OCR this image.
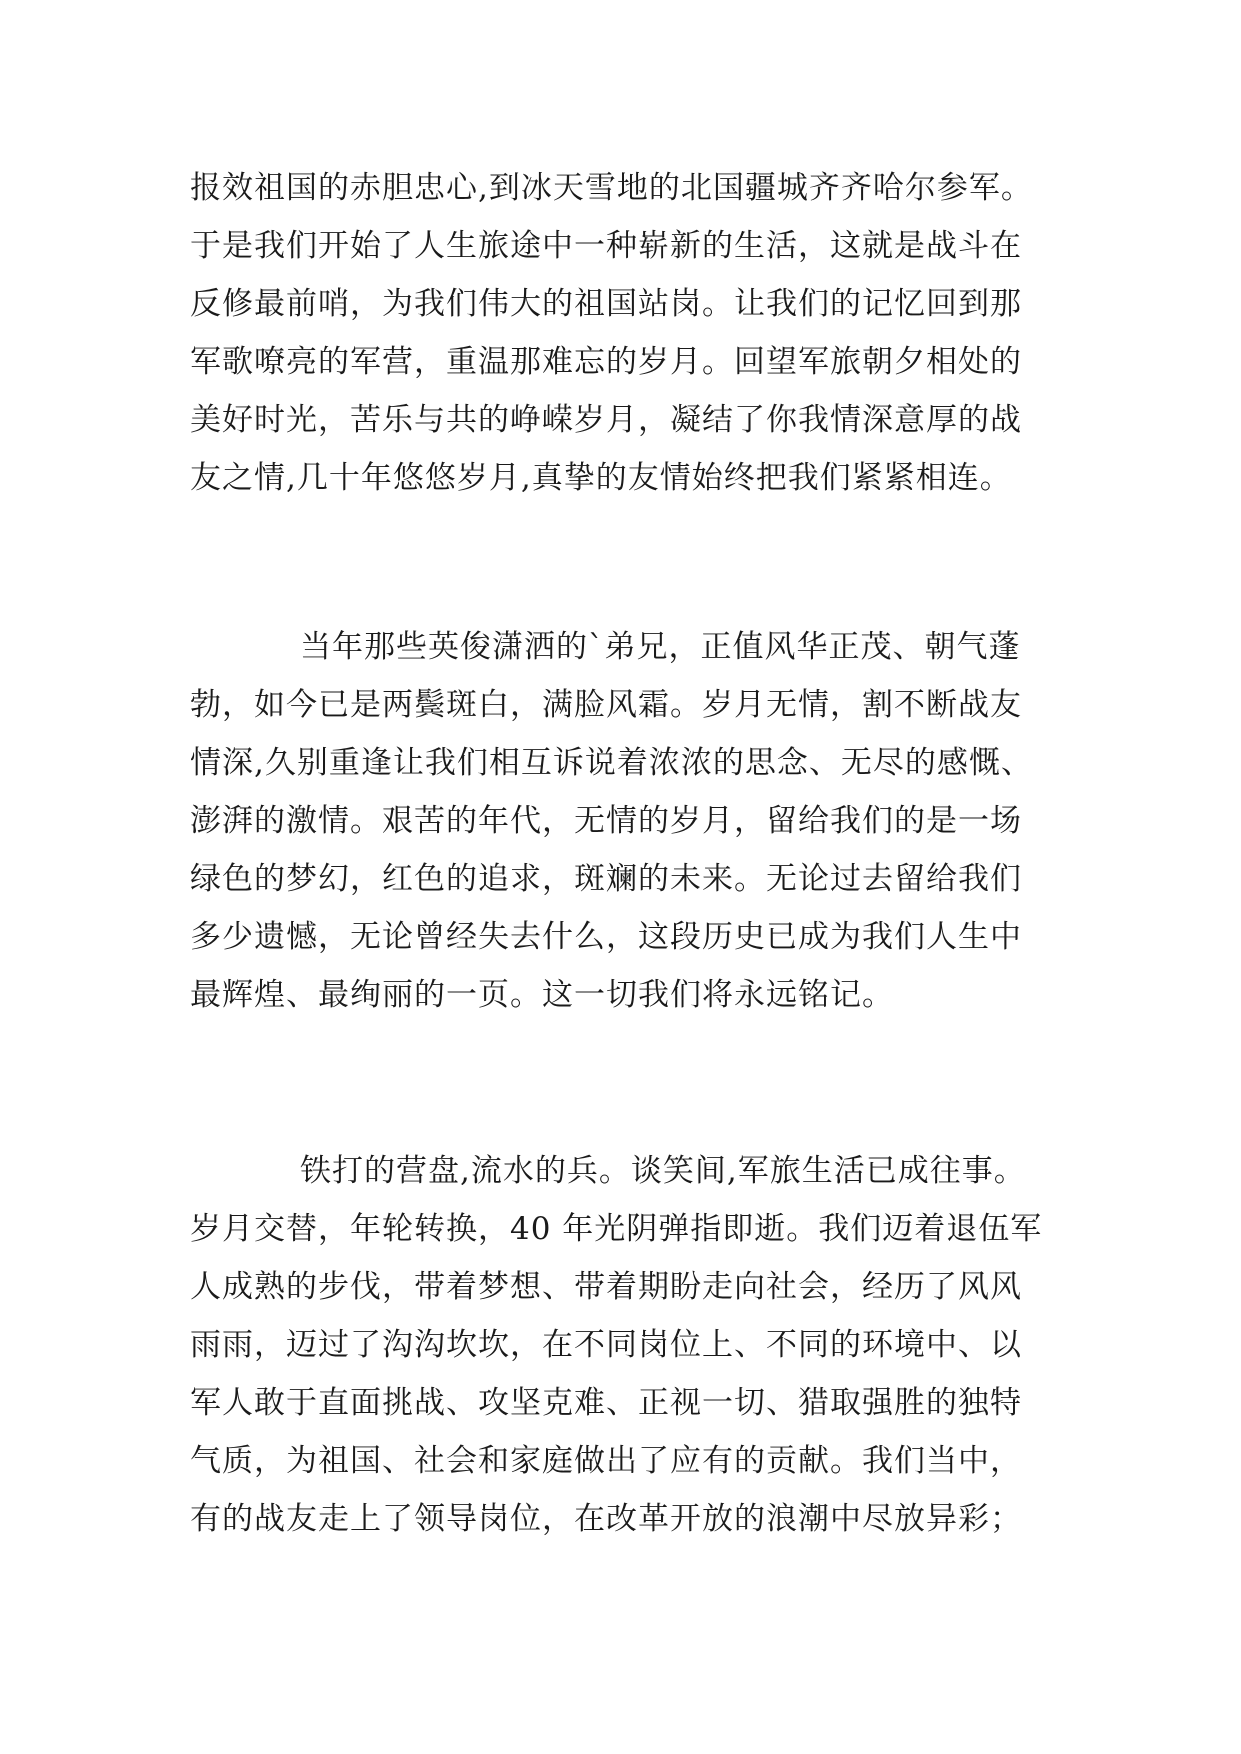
报效祖国的赤胆忠心,到冰天雪地的北国疆城齐齐哈尔参军。
于是我们开始了人生旅途中一种崭新的生活，这就是战斗在
反修最前哨，为我们伟大的祖国站岗。让我们的记忆回到那
军歌嘹亮的军营，重温那难忘的岁月。回望军旅朝夕相处的
美好时光，苦乐与共的峥嵘岁月，凝结了你我情深意厚的战
友之情,几十年悠悠岁月,真挚的友情始终把我们紧紧相连。
当年那些英俊潇洒的`弟兄，正值风华正茂、朝气蓬
勃，如今已是两鬓斑白，满脸风霜。岁月无情，割不断战友
情深,久别重逢让我们相互诉说着浓浓的思念、无尽的感慨、
澎湃的激情。艰苦的年代，无情的岁月，留给我们的是一场
绿色的梦幻，红色的追求，斑斓的未来。无论过去留给我们
多少遗憾，无论曾经失去什么，这段历史已成为我们人生中
最辉煌、最绚丽的一页。这一切我们将永远铭记。
铁打的营盘,流水的兵。谈笑间,军旅生活已成往事。
岁月交替，年轮转换，40 年光阴弹指即逝。我们迈着退伍军
人成熟的步伐，带着梦想、带着期盼走向社会，经历了风风
雨雨，迈过了沟沟坎坎，在不同岗位上、不同的环境中、以
军人敢于直面挑战、攻坚克难、正视一切、猎取强胜的独特
气质，为祖国、社会和家庭做出了应有的贡献。我们当中，
有的战友走上了领导岗位，在改革开放的浪潮中尽放异彩；
